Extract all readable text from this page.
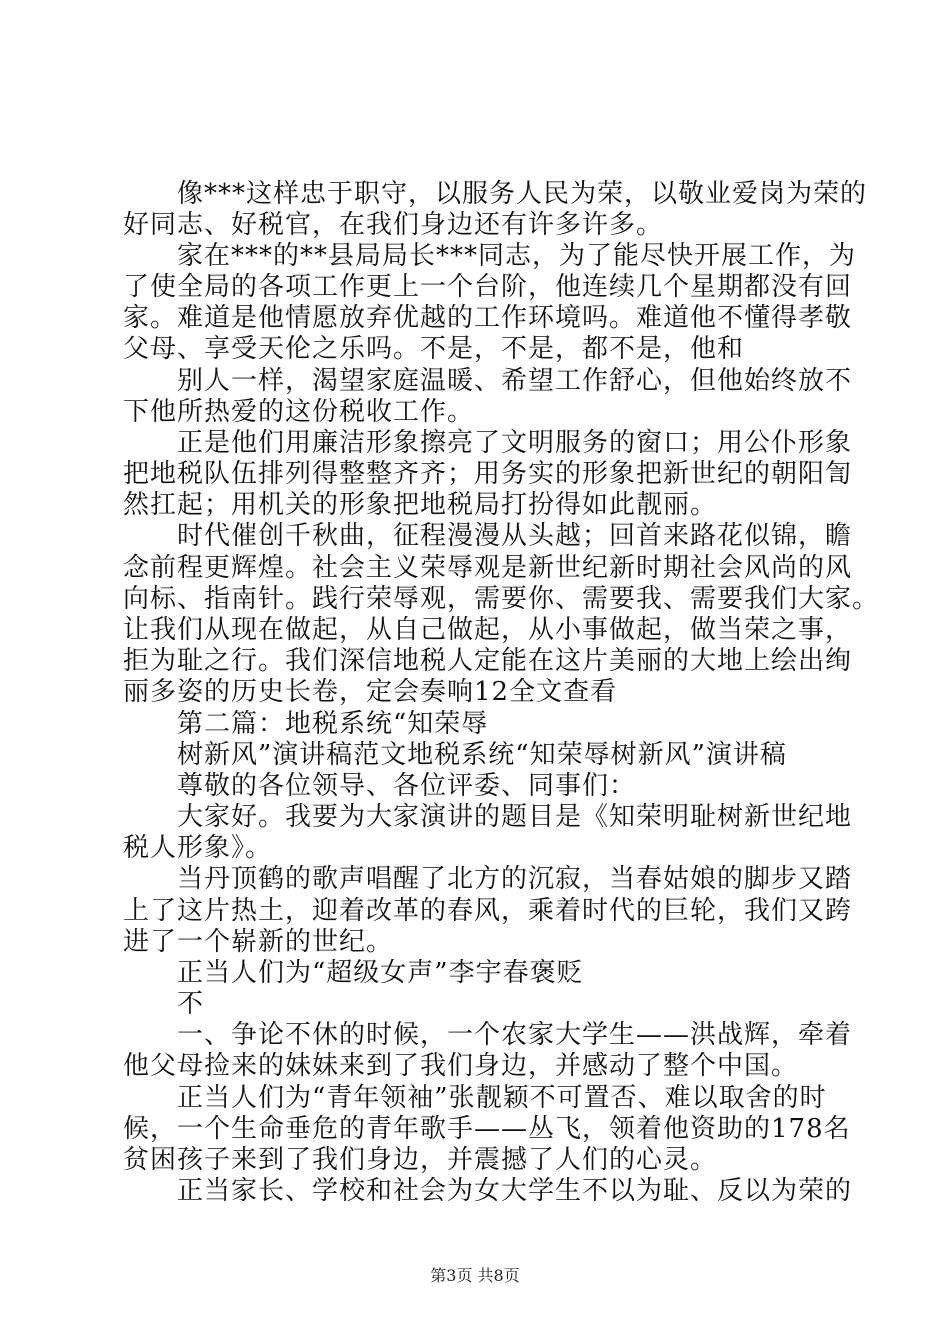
像***这样忠于职守，以服务人民为荣，以敬业爱岗为荣的
好同志、好税官，在我们身边还有许多许多。
家在***的**县局局长***同志，为了能尽快开展工作，为
了使全局的各项工作更上一个台阶，他连续几个星期都没有回
家。难道是他情愿放弃优越的工作环境吗。难道他不懂得孝敬
父母、享受天伦之乐吗。不是，不是，都不是，他和
别人一样，渴望家庭温暖、希望工作舒心，但他始终放不
下他所热爱的这份税收工作。
正是他们用廉洁形象擦亮了文明服务的窗口；用公仆形象
把地税队伍排列得整整齐齐；用务实的形象把新世纪的朝阳訇
然扛起；用机关的形象把地税局打扮得如此靓丽。
时代催创千秋曲，征程漫漫从头越；回首来路花似锦，瞻
念前程更辉煌。社会主义荣辱观是新世纪新时期社会风尚的风
向标、指南针。践行荣辱观，需要你、需要我、需要我们大家。
让我们从现在做起，从自己做起，从小事做起，做当荣之事，
拒为耻之行。我们深信地税人定能在这片美丽的大地上绘出绚
丽多姿的历史长卷，定会奏响12全文查看
第二篇：地税系统“知荣辱
树新风”演讲稿范文地税系统“知荣辱树新风”演讲稿
尊敬的各位领导、各位评委、同事们：
大家好。我要为大家演讲的题目是《知荣明耻树新世纪地
税人形象》。
当丹顶鹤的歌声唱醒了北方的沉寂，当春姑娘的脚步又踏
上了这片热土，迎着改革的春风，乘着时代的巨轮，我们又跨
进了一个崭新的世纪。
正当人们为“超级女声”李宇春褒贬
不
一、争论不休的时候，一个农家大学生——洪战辉，牵着
他父母捡来的妹妹来到了我们身边，并感动了整个中国。
正当人们为“青年领袖”张靓颖不可置否、难以取舍的时
候，一个生命垂危的青年歌手——丛飞，领着他资助的178名
贫困孩子来到了我们身边，并震撼了人们的心灵。
正当家长、学校和社会为女大学生不以为耻、反以为荣的
第3页 共8页
